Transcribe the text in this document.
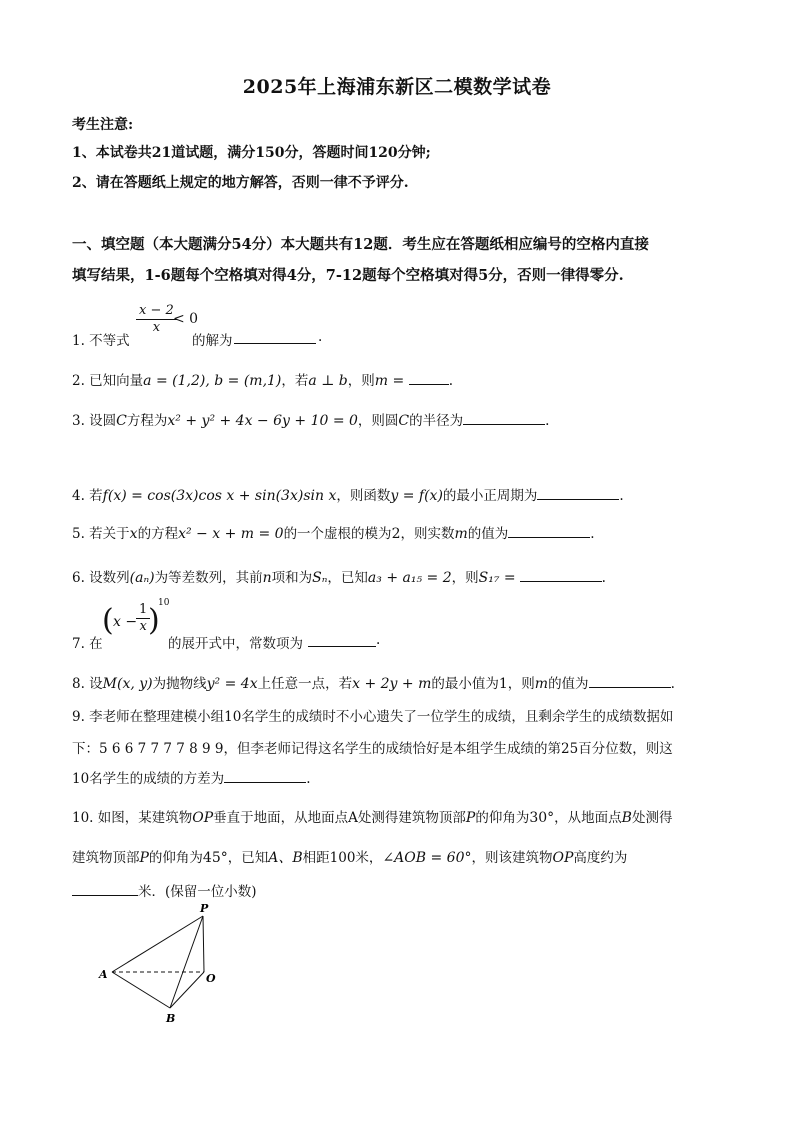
2025年上海浦东新区二模数学试卷
考生注意:
1、本试卷共21道试题，满分150分，答题时间120分钟;
2、请在答题纸上规定的地方解答，否则一律不予评分.
一、填空题（本大题满分54分）本大题共有12题．考生应在答题纸相应编号的空格内直接
填写结果，1-6题每个空格填对得4分，7-12题每个空格填对得5分，否则一律得零分.
1. 不等式
$\frac{x - 2}{x}$
< 0
的解为	.
2. 已知向量a = (1,2), b = (m,1)，若a ⊥ b，则m =	.
3. 设圆C方程为x² + y² + 4x − 6y + 10 = 0，则圆C的半径为	.
4. 若f(x) = cos(3x)cos x + sin(3x)sin x，则函数y = f(x)的最小正周期为	.
5. 若关于x的方程x² − x + m = 0的一个虚根的模为2，则实数m的值为	.
6. 设数列(aₙ)为等差数列，其前n项和为Sₙ，已知a₃ + a₁₅ = 2，则S₁₇ =	.
7. 在
( x −
$\frac{1}{x}$
)
10
的展开式中，常数项为	.
8. 设M(x, y)为抛物线y² = 4x上任意一点，若x + 2y + m的最小值为1，则m的值为	.
9. 李老师在整理建模小组10名学生的成绩时不小心遗失了一位学生的成绩，且剩余学生的成绩数据如
下：5 6 6 7 7 7 7 8 9 9，但李老师记得这名学生的成绩恰好是本组学生成绩的第25百分位数，则这
10名学生的成绩的方差为	.
10. 如图，某建筑物OP垂直于地面，从地面点A处测得建筑物顶部P的仰角为30°，从地面点B处测得
建筑物顶部P的仰角为45°，已知A、B相距100米，∠AOB = 60°，则该建筑物OP高度约为
米．(保留一位小数)
P
A	O
B
